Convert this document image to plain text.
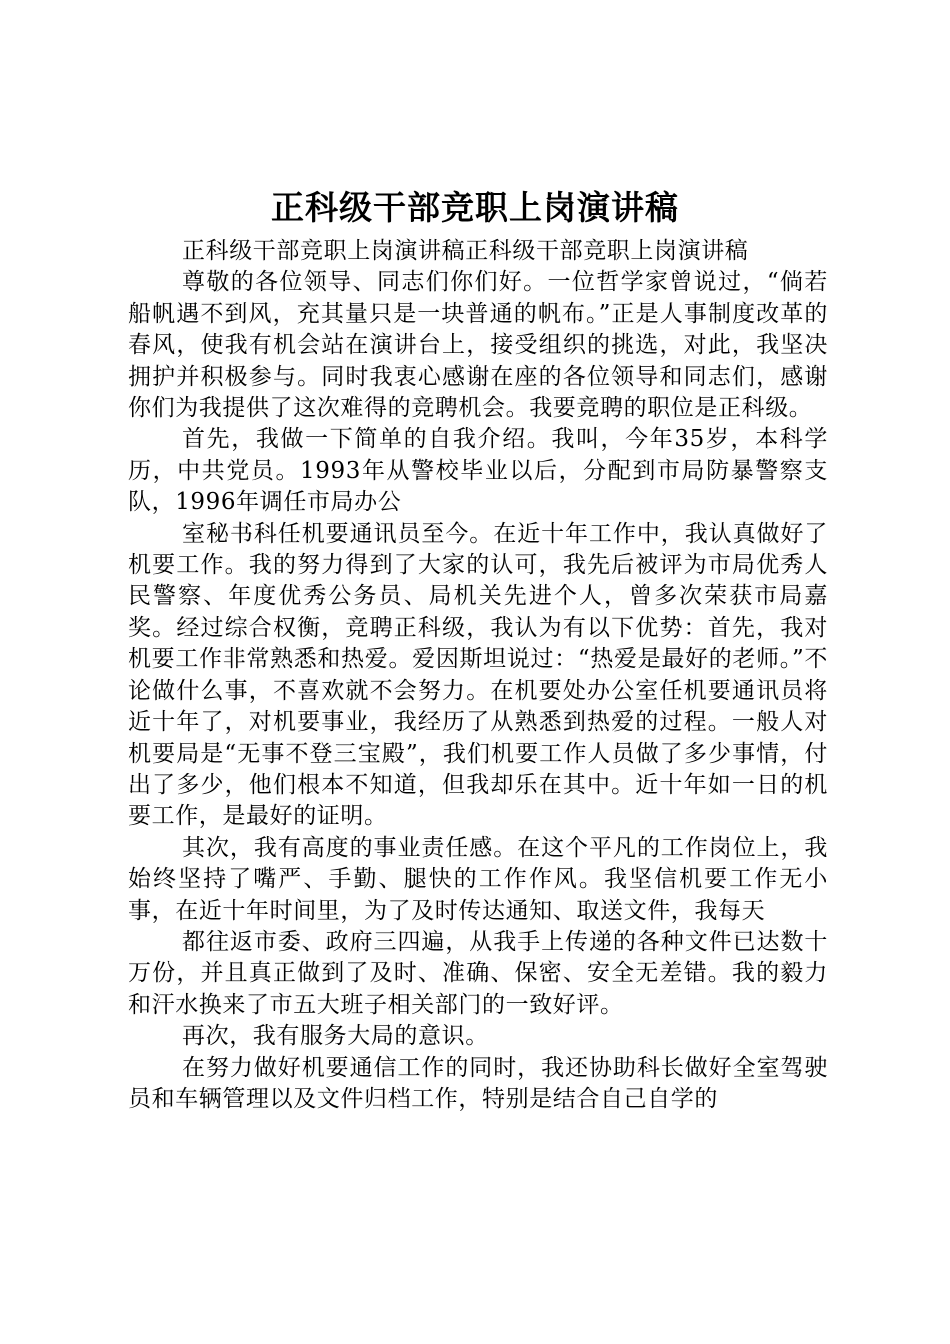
正科级干部竞职上岗演讲稿

正科级干部竞职上岗演讲稿正科级干部竞职上岗演讲稿

尊敬的各位领导、同志们你们好。一位哲学家曾说过，“倘若船帆遇不到风，充其量只是一块普通的帆布。”正是人事制度改革的春风，使我有机会站在演讲台上，接受组织的挑选，对此，我坚决拥护并积极参与。同时我衷心感谢在座的各位领导和同志们，感谢你们为我提供了这次难得的竞聘机会。我要竞聘的职位是正科级。

首先，我做一下简单的自我介绍。我叫，今年35岁，本科学历，中共党员。1993年从警校毕业以后，分配到市局防暴警察支队，1996年调任市局办公

室秘书科任机要通讯员至今。在近十年工作中，我认真做好了机要工作。我的努力得到了大家的认可，我先后被评为市局优秀人民警察、年度优秀公务员、局机关先进个人，曾多次荣获市局嘉奖。经过综合权衡，竞聘正科级，我认为有以下优势：首先，我对机要工作非常熟悉和热爱。爱因斯坦说过：“热爱是最好的老师。”不论做什么事，不喜欢就不会努力。在机要处办公室任机要通讯员将近十年了，对机要事业，我经历了从熟悉到热爱的过程。一般人对机要局是“无事不登三宝殿”，我们机要工作人员做了多少事情，付出了多少，他们根本不知道，但我却乐在其中。近十年如一日的机要工作，是最好的证明。

其次，我有高度的事业责任感。在这个平凡的工作岗位上，我始终坚持了嘴严、手勤、腿快的工作作风。我坚信机要工作无小事，在近十年时间里，为了及时传达通知、取送文件，我每天

都往返市委、政府三四遍，从我手上传递的各种文件已达数十万份，并且真正做到了及时、准确、保密、安全无差错。我的毅力和汗水换来了市五大班子相关部门的一致好评。

再次，我有服务大局的意识。

在努力做好机要通信工作的同时，我还协助科长做好全室驾驶员和车辆管理以及文件归档工作，特别是结合自己自学的
